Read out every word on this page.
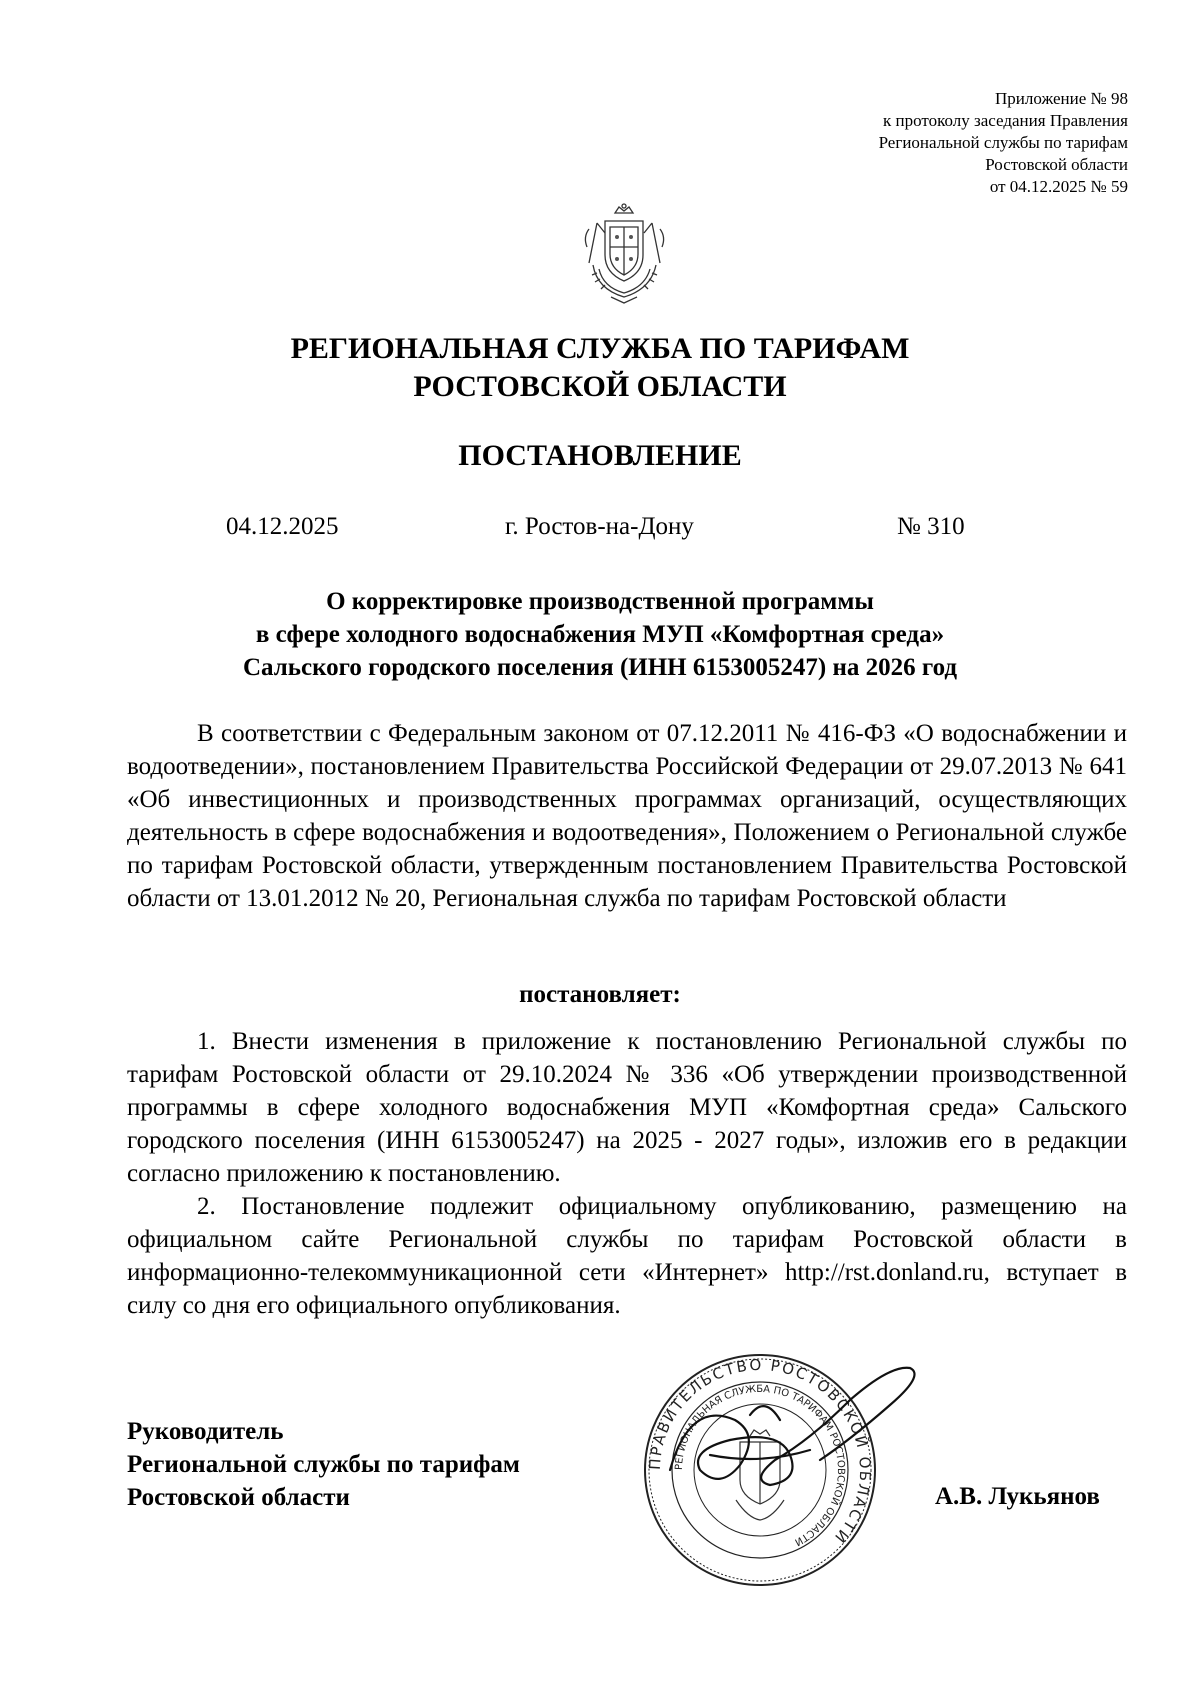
Приложение № 98
к протоколу заседания Правления
Региональной службы по тарифам
Ростовской области
от 04.12.2025 № 59
РЕГИОНАЛЬНАЯ СЛУЖБА ПО ТАРИФАМ
РОСТОВСКОЙ ОБЛАСТИ
ПОСТАНОВЛЕНИЕ
04.12.2025	г. Ростов-на-Дону	№ 310
О корректировке производственной программы
в сфере холодного водоснабжения МУП «Комфортная среда»
Сальского городского поселения (ИНН 6153005247) на 2026 год
В соответствии с Федеральным законом от 07.12.2011 № 416-ФЗ «О водоснабжении и водоотведении», постановлением Правительства Российской Федерации от 29.07.2013 № 641 «Об инвестиционных и производственных программах организаций, осуществляющих деятельность в сфере водоснабжения и водоотведения», Положением о Региональной службе по тарифам Ростовской области, утвержденным постановлением Правительства Ростовской области от 13.01.2012 № 20, Региональная служба по тарифам Ростовской области
постановляет:

1. Внести изменения в приложение к постановлению Региональной службы по тарифам Ростовской области от 29.10.2024 № 336 «Об утверждении производственной программы в сфере холодного водоснабжения МУП «Комфортная среда» Сальского городского поселения (ИНН 6153005247) на 2025 - 2027 годы», изложив его в редакции согласно приложению к постановлению.

2. Постановление подлежит официальному опубликованию, размещению на официальном сайте Региональной службы по тарифам Ростовской области в информационно-телекоммуникационной сети «Интернет» http://rst.donland.ru, вступает в силу со дня его официального опубликования.

Руководитель
Региональной службы по тарифам
Ростовской области
ПРАВИТЕЛЬСТВО РОСТОВСКОЙ ОБЛАСТИ
РЕГИОНАЛЬНАЯ СЛУЖБА ПО ТАРИФАМ РОСТОВСКОЙ ОБЛАСТИ
А.В. Лукьянов
